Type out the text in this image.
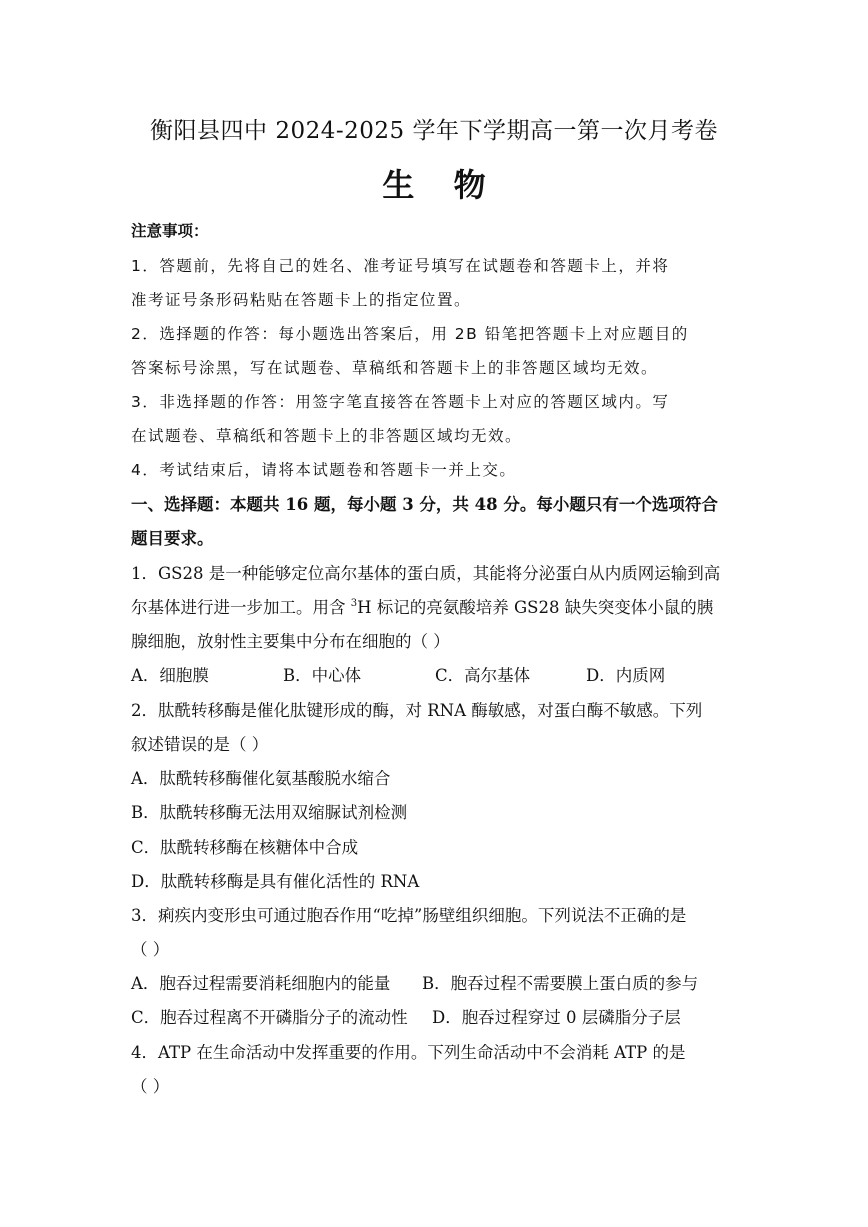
衡阳县四中 2024-2025 学年下学期高一第一次月考卷
生 物
注意事项：
1．答题前，先将自己的姓名、准考证号填写在试题卷和答题卡上，并将
准考证号条形码粘贴在答题卡上的指定位置。
2．选择题的作答：每小题选出答案后，用 2B 铅笔把答题卡上对应题目的
答案标号涂黑，写在试题卷、草稿纸和答题卡上的非答题区域均无效。
3．非选择题的作答：用签字笔直接答在答题卡上对应的答题区域内。写
在试题卷、草稿纸和答题卡上的非答题区域均无效。
4．考试结束后，请将本试题卷和答题卡一并上交。
一、选择题：本题共 16 题，每小题 3 分，共 48 分。每小题只有一个选项符合
题目要求。
1．GS28 是一种能够定位高尔基体的蛋白质，其能将分泌蛋白从内质网运输到高
尔基体进行进一步加工。用含 $^3$H 标记的亮氨酸培养 GS28 缺失突变体小鼠的胰
腺细胞，放射性主要集中分布在细胞的（ ）
A．细胞膜	B．中心体	C．高尔基体	D．内质网
2．肽酰转移酶是催化肽键形成的酶，对 RNA 酶敏感，对蛋白酶不敏感。下列
叙述错误的是（ ）
A．肽酰转移酶催化氨基酸脱水缩合
B．肽酰转移酶无法用双缩脲试剂检测
C．肽酰转移酶在核糖体中合成
D．肽酰转移酶是具有催化活性的 RNA
3．痢疾内变形虫可通过胞吞作用“吃掉”肠壁组织细胞。下列说法不正确的是
（ ）
A．胞吞过程需要消耗细胞内的能量	B．胞吞过程不需要膜上蛋白质的参与
C．胞吞过程离不开磷脂分子的流动性	D．胞吞过程穿过 0 层磷脂分子层
4．ATP 在生命活动中发挥重要的作用。下列生命活动中不会消耗 ATP 的是
（ ）
